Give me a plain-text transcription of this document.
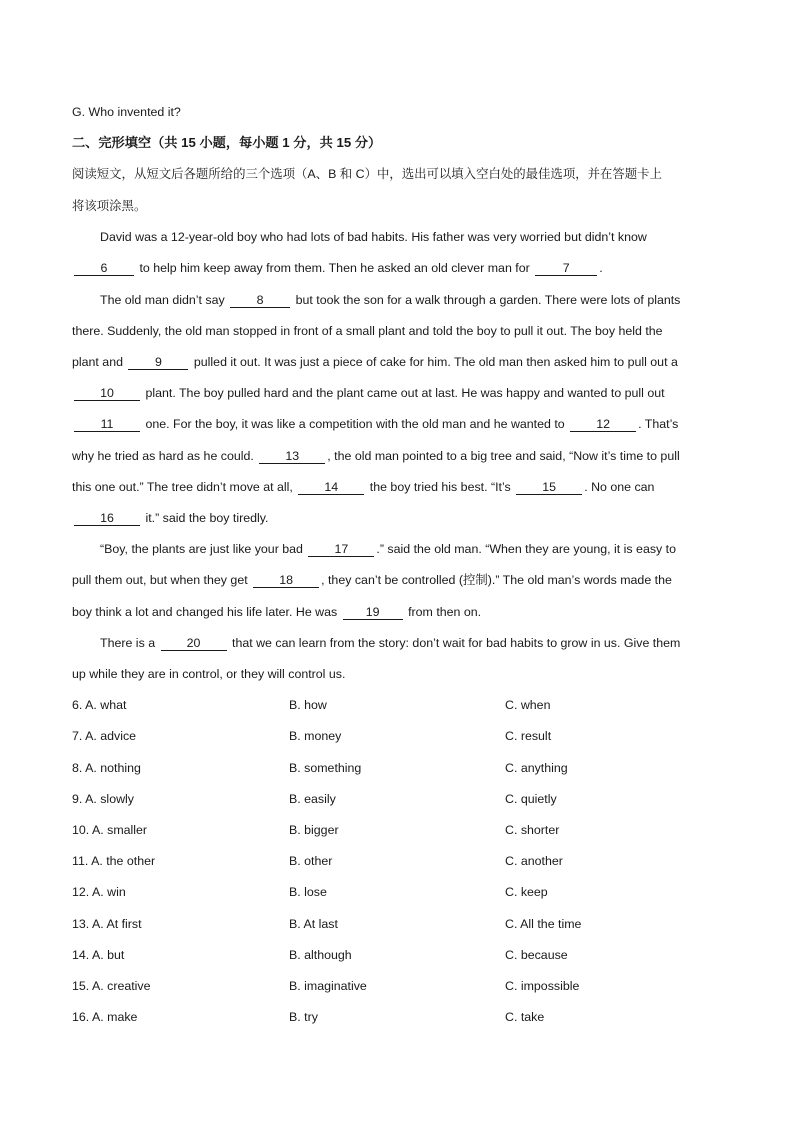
G. Who invented it?
二、完形填空（共 15 小题，每小题 1 分，共 15 分）
阅读短文，从短文后各题所给的三个选项（A、B 和 C）中，选出可以填入空白处的最佳选项，并在答题卡上
将该项涂黑。
David was a 12-year-old boy who had lots of bad habits. His father was very worried but didn’t know
6	to help him keep away from them. Then he asked an old clever man for	7 .
The old man didn’t say	8	but took the son for a walk through a garden. There were lots of plants
there. Suddenly, the old man stopped in front of a small plant and told the boy to pull it out. The boy held the
plant and	9	pulled it out. It was just a piece of cake for him. The old man then asked him to pull out a
10	plant. The boy pulled hard and the plant came out at last. He was happy and wanted to pull out
11	one. For the boy, it was like a competition with the old man and he wanted to	12 . That’s
why he tried as hard as he could.	13 , the old man pointed to a big tree and said, “Now it’s time to pull
this one out.” The tree didn’t move at all,	14	the boy tried his best. “It’s	15 . No one can
16	it.” said the boy tiredly.
“Boy, the plants are just like your bad	17 .” said the old man. “When they are young, it is easy to
pull them out, but when they get	18 , they can’t be controlled (控制).” The old man’s words made the
boy think a lot and changed his life later. He was 19 from then on.
There is a	20	that we can learn from the story: don’t wait for bad habits to grow in us. Give them
up while they are in control, or they will control us.
6. A. what	B. how	C. when
7. A. advice	B. money	C. result
8. A. nothing	B. something	C. anything
9. A. slowly	B. easily	C. quietly
10. A. smaller	B. bigger	C. shorter
11. A. the other	B. other	C. another
12. A. win	B. lose	C. keep
13. A. At first	B. At last	C. All the time
14. A. but	B. although	C. because
15. A. creative	B. imaginative	C. impossible
16. A. make	B. try	C. take
